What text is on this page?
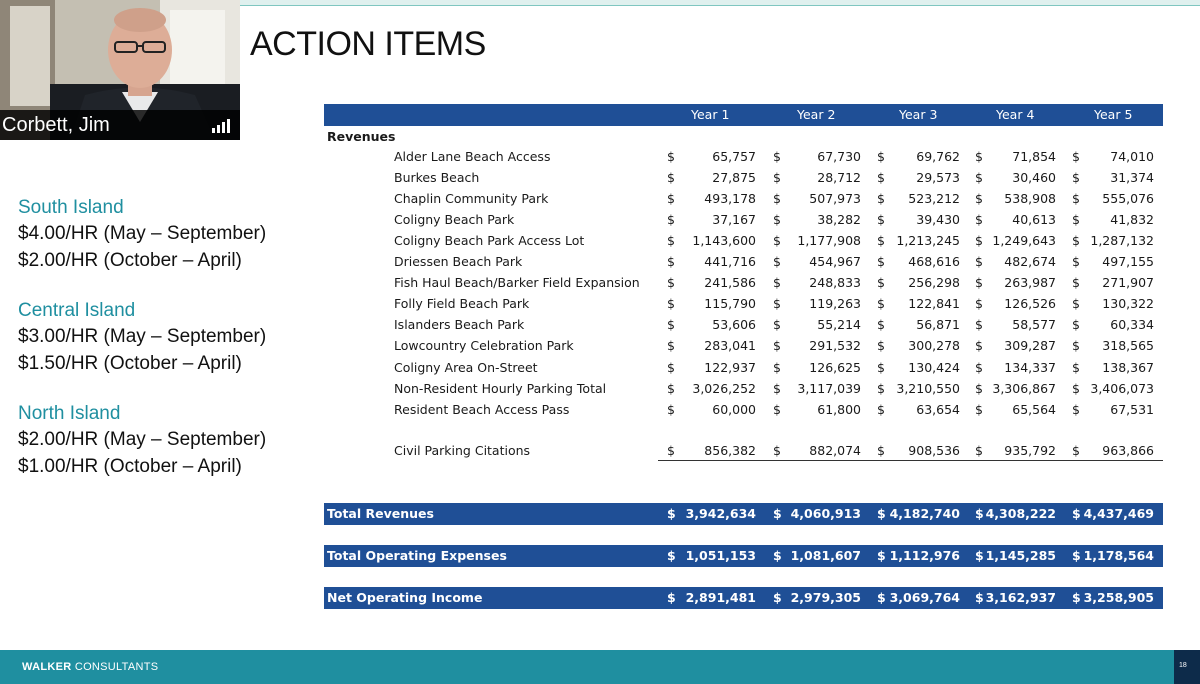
Corbett, Jim
ACTION ITEMS
South Island
$4.00/HR (May – September)
$2.00/HR (October – April)
Central Island
$3.00/HR (May – September)
$1.50/HR (October – April)
North Island
$2.00/HR (May – September)
$1.00/HR (October – April)
Year 1	Year 2	Year 3	Year 4	Year 5
Revenues
Alder Lane Beach Access	$	65,757 $	67,730 $	69,762 $ 71,854 $ 74,010
Burkes Beach	$	27,875 $	28,712 $	29,573 $ 30,460 $ 31,374
Chaplin Community Park	$ 493,178 $ 507,973 $ 523,212 $ 538,908 $ 555,076
Coligny Beach Park	$	37,167 $	38,282 $	39,430 $ 40,613 $ 41,832
Coligny Beach Park Access Lot	$ 1,143,600 $ 1,177,908 $ 1,213,245 $ 1,249,643 $ 1,287,132
Driessen Beach Park	$ 441,716 $ 454,967 $ 468,616 $ 482,674 $ 497,155
Fish Haul Beach/Barker Field Expansion $ 241,586 $ 248,833 $ 256,298 $ 263,987 $ 271,907
Folly Field Beach Park	$ 115,790 $ 119,263 $ 122,841 $ 126,526 $ 130,322
Islanders Beach Park	$	53,606 $	55,214 $	56,871 $ 58,577 $ 60,334
Lowcountry Celebration Park	$ 283,041 $ 291,532 $ 300,278 $ 309,287 $ 318,565
Coligny Area On-Street	$ 122,937 $ 126,625 $ 130,424 $ 134,337 $ 138,367
Non-Resident Hourly Parking Total	$ 3,026,252 $ 3,117,039 $ 3,210,550 $ 3,306,867 $ 3,406,073
Resident Beach Access Pass	$	60,000 $	61,800 $	63,654 $ 65,564 $ 67,531
Civil Parking Citations	$ 856,382 $ 882,074 $ 908,536 $ 935,792 $ 963,866
Total Revenues	$ 3,942,634 $ 4,060,913 $ 4,182,740 $ 4,308,222 $ 4,437,469
Total Operating Expenses	$ 1,051,153 $ 1,081,607 $ 1,112,976 $ 1,145,285 $ 1,178,564
Net Operating Income	$ 2,891,481 $ 2,979,305 $ 3,069,764 $ 3,162,937 $ 3,258,905
WALKER CONSULTANTS	18
